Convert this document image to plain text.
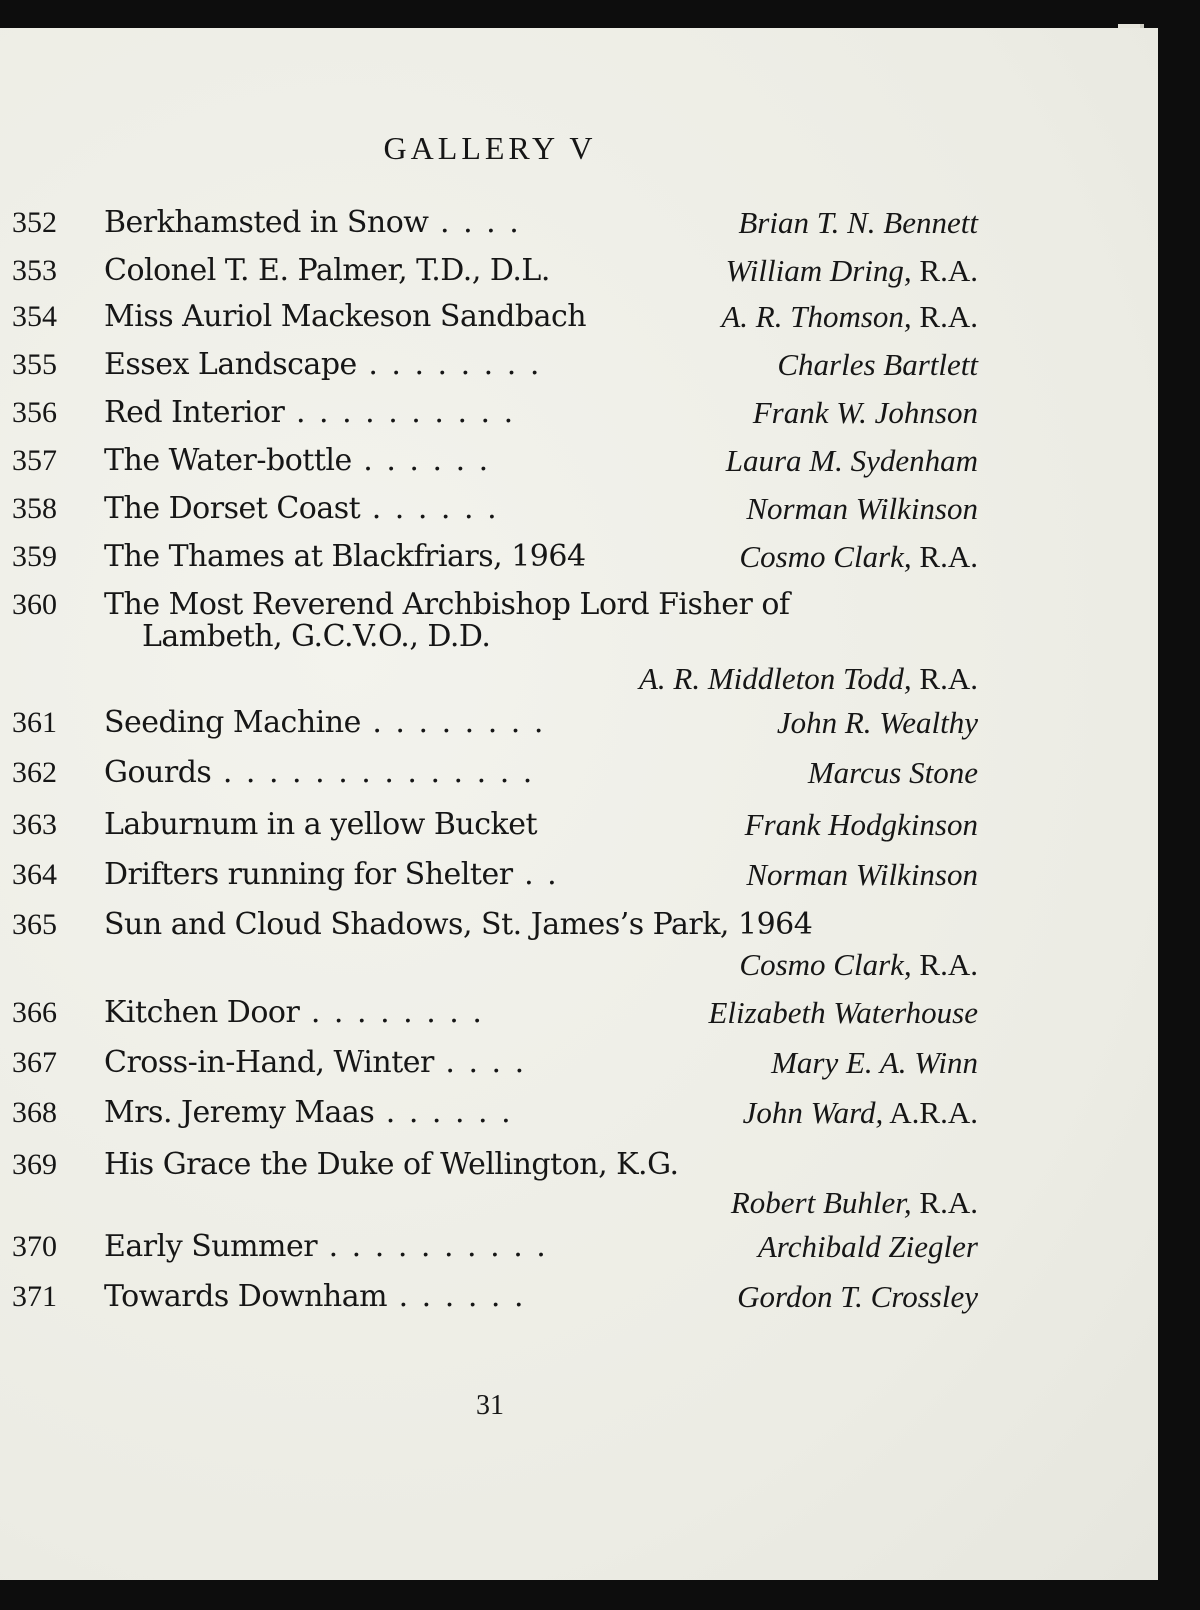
GALLERY V
352 Berkhamsted in Snow . . . .	Brian T. N. Bennett
353 Colonel T. E. Palmer, T.D., D.L.	William Dring, R.A.
354 Miss Auriol Mackeson Sandbach	A. R. Thomson, R.A.
355 Essex Landscape . . . . . . . .	Charles Bartlett
356 Red Interior . . . . . . . . . .	Frank W. Johnson
357 The Water-bottle . . . . . .	Laura M. Sydenham
358 The Dorset Coast . . . . . .	Norman Wilkinson
359 The Thames at Blackfriars, 1964	Cosmo Clark, R.A.
360 The Most Reverend Archbishop Lord Fisher of
Lambeth, G.C.V.O., D.D.
A. R. Middleton Todd, R.A.
361 Seeding Machine . . . . . . . .	John R. Wealthy
362 Gourds . . . . . . . . . . . . . .	Marcus Stone
363 Laburnum in a yellow Bucket	Frank Hodgkinson
364 Drifters running for Shelter . .	Norman Wilkinson
365 Sun and Cloud Shadows, St. James’s Park, 1964
Cosmo Clark, R.A.
366 Kitchen Door . . . . . . . .	Elizabeth Waterhouse
367 Cross-in-Hand, Winter . . . .	Mary E. A. Winn
368 Mrs. Jeremy Maas . . . . . .	John Ward, A.R.A.
369 His Grace the Duke of Wellington, K.G.
Robert Buhler, R.A.
370 Early Summer . . . . . . . . . .	Archibald Ziegler
371 Towards Downham . . . . . .	Gordon T. Crossley
31
